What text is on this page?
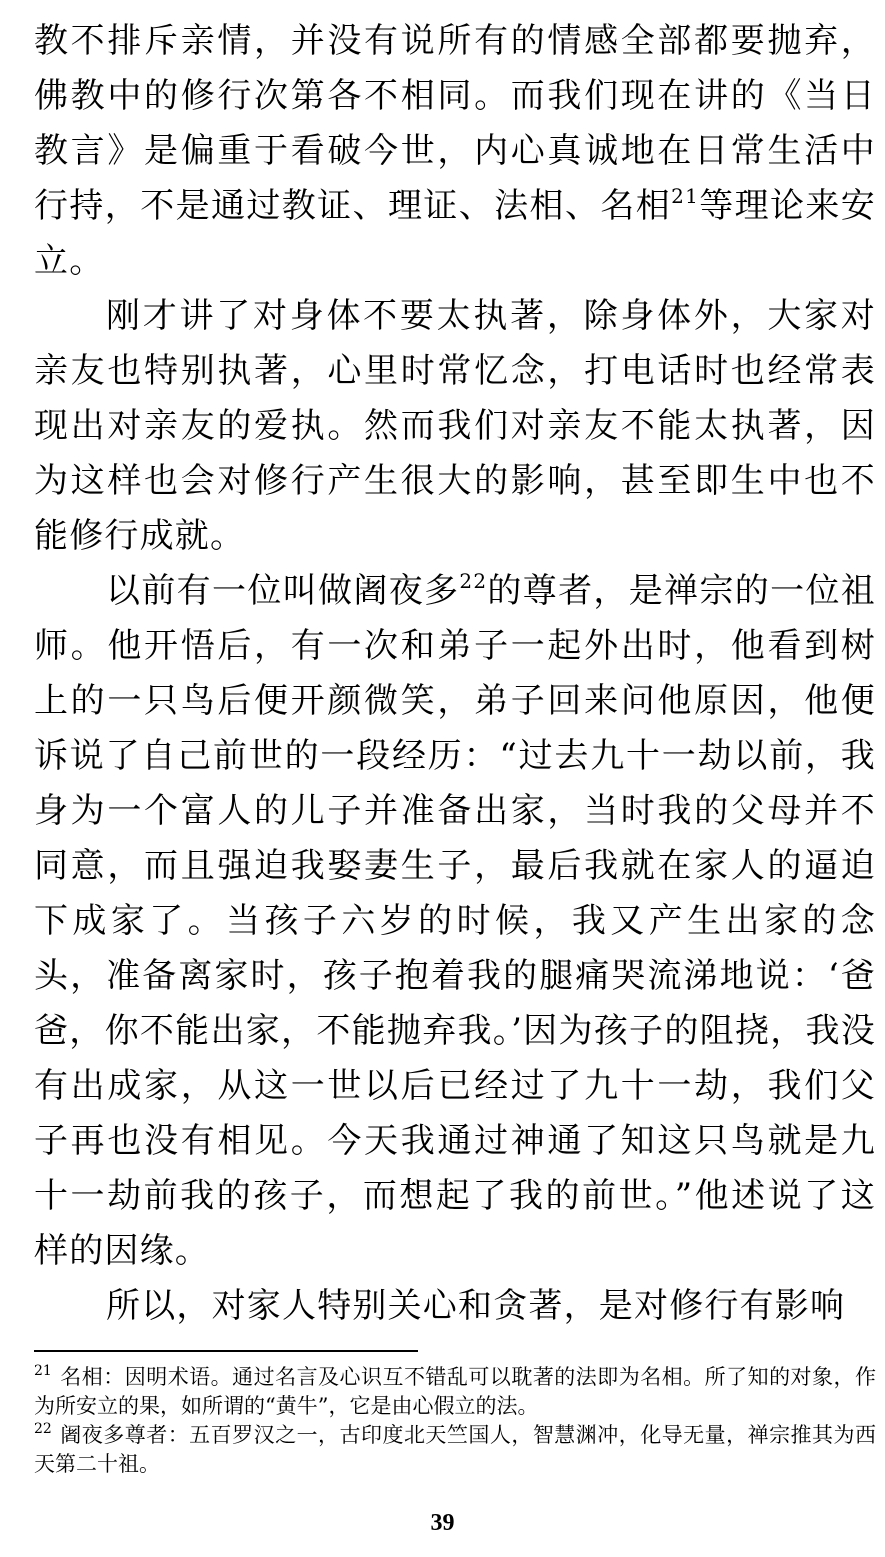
教不排斥亲情，并没有说所有的情感全部都要抛弃，佛教中的修行次第各不相同。而我们现在讲的《当日教言》是偏重于看破今世，内心真诚地在日常生活中行持，不是通过教证、理证、法相、名相$^{21}$等理论来安立。

刚才讲了对身体不要太执著，除身体外，大家对亲友也特别执著，心里时常忆念，打电话时也经常表现出对亲友的爱执。然而我们对亲友不能太执著，因为这样也会对修行产生很大的影响，甚至即生中也不能修行成就。

以前有一位叫做阇夜多$^{22}$的尊者，是禅宗的一位祖师。他开悟后，有一次和弟子一起外出时，他看到树上的一只鸟后便开颜微笑，弟子回来问他原因，他便诉说了自己前世的一段经历：“过去九十一劫以前，我身为一个富人的儿子并准备出家，当时我的父母并不同意，而且强迫我娶妻生子，最后我就在家人的逼迫下成家了。当孩子六岁的时候，我又产生出家的念头，准备离家时，孩子抱着我的腿痛哭流涕地说：‘爸爸，你不能出家，不能抛弃我。’因为孩子的阻挠，我没有出成家，从这一世以后已经过了九十一劫，我们父子再也没有相见。今天我通过神通了知这只鸟就是九十一劫前我的孩子，而想起了我的前世。”他述说了这样的因缘。

所以，对家人特别关心和贪著，是对修行有影响

$^{21}$ 名相：因明术语。通过名言及心识互不错乱可以耽著的法即为名相。所了知的对象，作为所安立的果，如所谓的“黄牛”，它是由心假立的法。

$^{22}$ 阇夜多尊者：五百罗汉之一，古印度北天竺国人，智慧渊冲，化导无量，禅宗推其为西天第二十祖。

39
